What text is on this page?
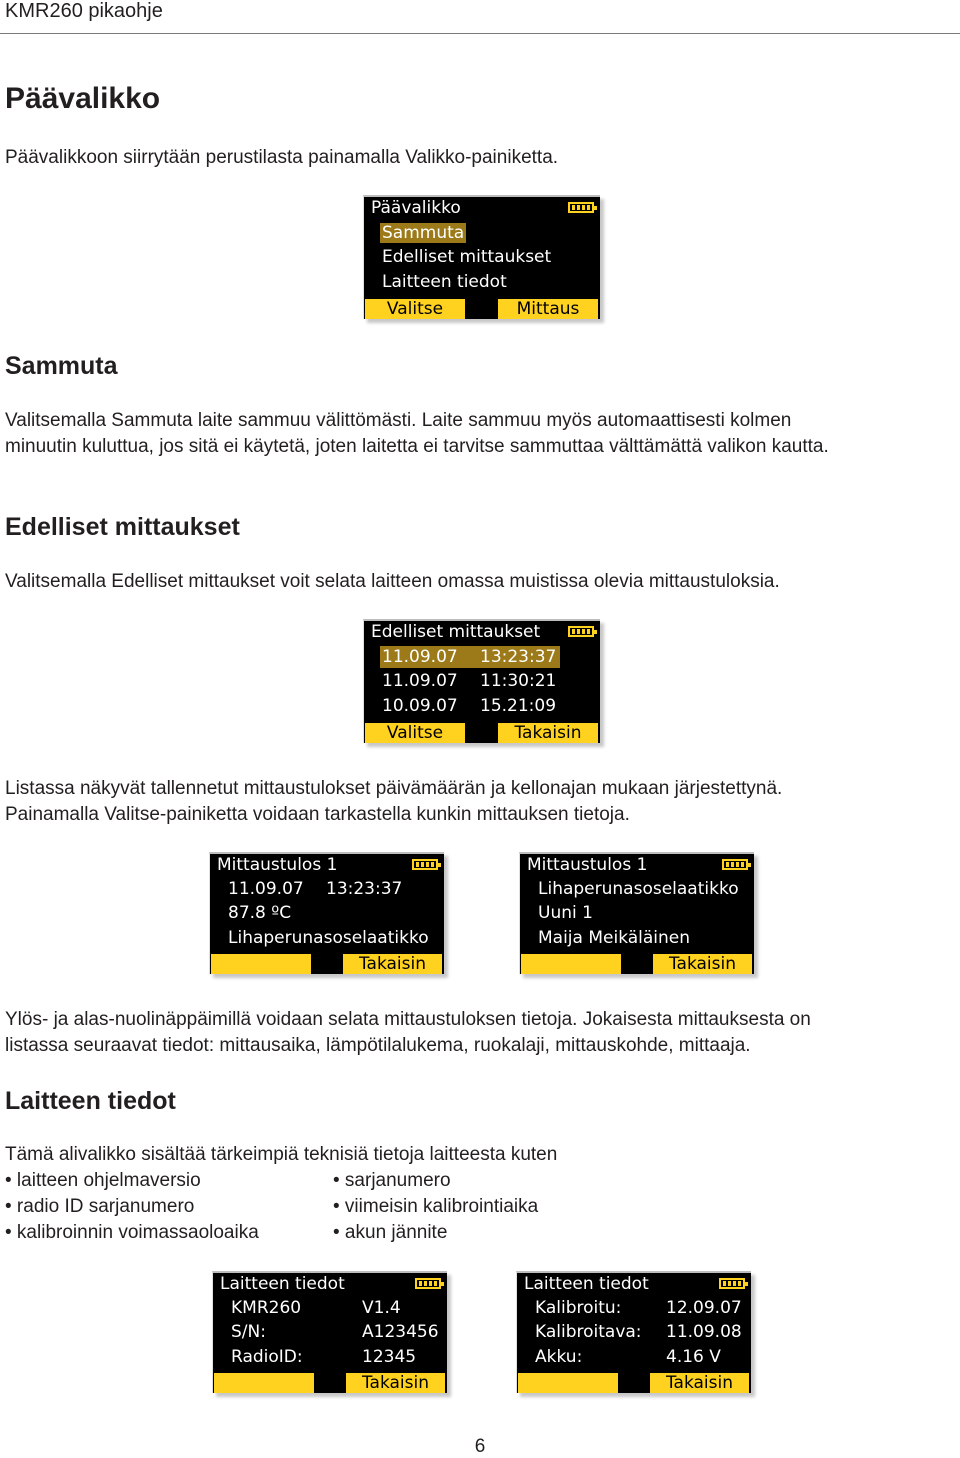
KMR260 pikaohje
Päävalikko
Päävalikkoon siirrytään perustilasta painamalla Valikko-painiketta.
Päävalikko
Sammuta
Edelliset mittaukset
Laitteen tiedot
Valitse	Mittaus
Sammuta
Valitsemalla Sammuta laite sammuu välittömästi. Laite sammuu myös automaattisesti kolmen
minuutin kuluttua, jos sitä ei käytetä, joten laitetta ei tarvitse sammuttaa välttämättä valikon kautta.
Edelliset mittaukset
Valitsemalla Edelliset mittaukset voit selata laitteen omassa muistissa olevia mittaustuloksia.
Edelliset mittaukset
11.09.07 13:23:37
11.09.07 11:30:21
10.09.07 15.21:09
Valitse	Takaisin
Listassa näkyvät tallennetut mittaustulokset päivämäärän ja kellonajan mukaan järjestettynä.
Painamalla Valitse-painiketta voidaan tarkastella kunkin mittauksen tietoja.
Mittaustulos 1
11.09.07 13:23:37
87.8 ºC
Lihaperunasoselaatikko
Takaisin
Mittaustulos 1
Lihaperunasoselaatikko
Uuni 1
Maija Meikäläinen
Takaisin
Ylös- ja alas-nuolinäppäimillä voidaan selata mittaustuloksen tietoja. Jokaisesta mittauksesta on
listassa seuraavat tiedot: mittausaika, lämpötilalukema, ruokalaji, mittauskohde, mittaaja.
Laitteen tiedot
Tämä alivalikko sisältää tärkeimpiä teknisiä tietoja laitteesta kuten
• laitteen ohjelmaversio
• radio ID sarjanumero
• kalibroinnin voimassaoloaika
• sarjanumero
• viimeisin kalibrointiaika
• akun jännite
Laitteen tiedot
KMR260	V1.4
S/N:	A123456
RadioID:	12345
Takaisin
Laitteen tiedot
Kalibroitu:	12.09.07
Kalibroitava: 11.09.08
Akku:	4.16 V
Takaisin
6
